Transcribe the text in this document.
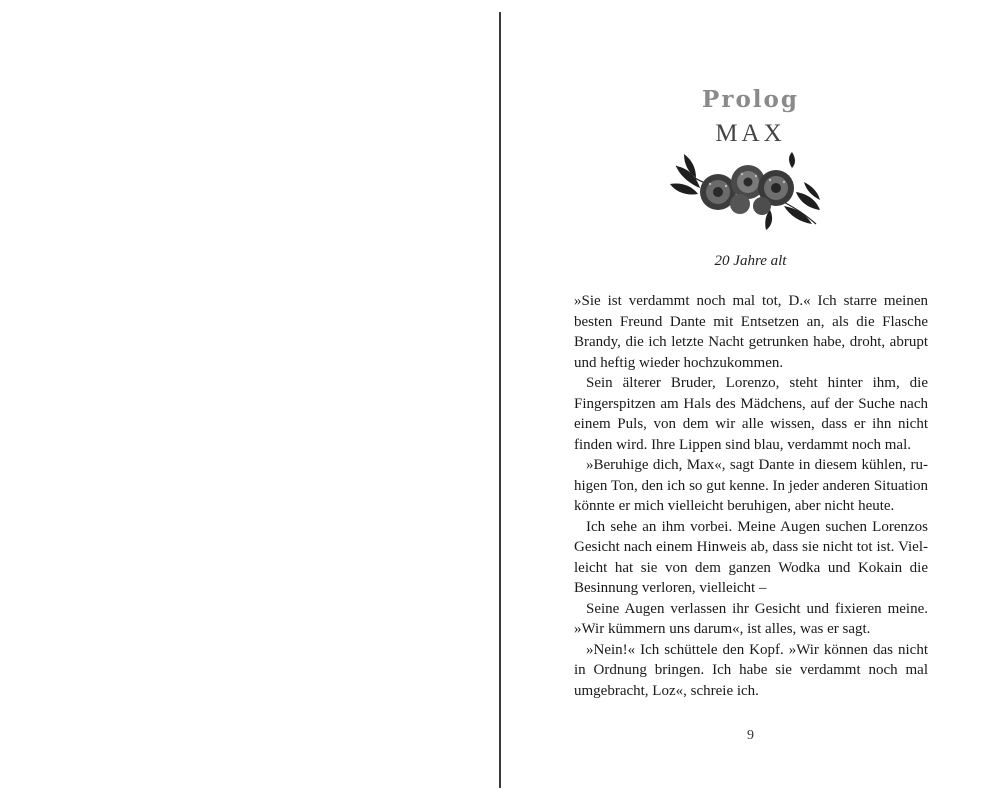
Prolog
MAX
20 Jahre alt

»Sie ist verdammt noch mal tot, D.« Ich starre meinen besten Freund Dante mit Entsetzen an, als die Flasche Brandy, die ich letzte Nacht getrunken habe, droht, abrupt und heftig wieder hochzukommen.

Sein älterer Bruder, Lorenzo, steht hinter ihm, die Fingerspitzen am Hals des Mädchens, auf der Suche nach einem Puls, von dem wir alle wissen, dass er ihn nicht finden wird. Ihre Lippen sind blau, verdammt noch mal.

»Beruhige dich, Max«, sagt Dante in diesem kühlen, ruhigen Ton, den ich so gut kenne. In jeder anderen Situation könnte er mich vielleicht beruhigen, aber nicht heute.

Ich sehe an ihm vorbei. Meine Augen suchen Lorenzos Gesicht nach einem Hinweis ab, dass sie nicht tot ist. Vielleicht hat sie von dem ganzen Wodka und Kokain die Besinnung verloren, vielleicht –

Seine Augen verlassen ihr Gesicht und fixieren meine. »Wir kümmern uns darum«, ist alles, was er sagt.

»Nein!« Ich schüttele den Kopf. »Wir können das nicht in Ordnung bringen. Ich habe sie verdammt noch mal umgebracht, Loz«, schreie ich.

9
